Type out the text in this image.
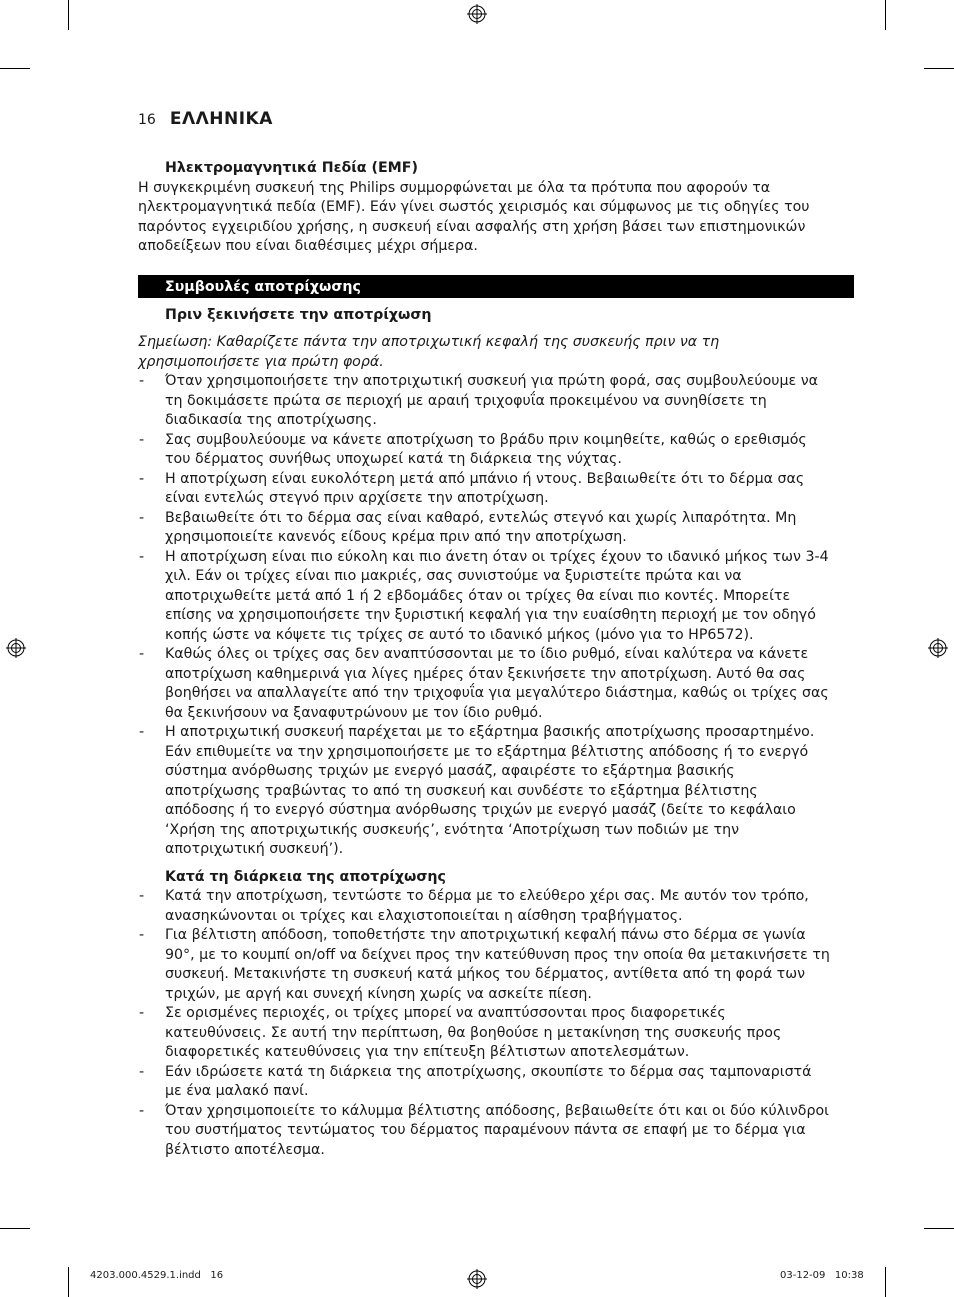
16 ΕΛΛΗΝΙΚΑ

Ηλεκτρομαγνητικά Πεδία (EMF)

Η συγκεκριμένη συσκευή της Philips συμμορφώνεται με όλα τα πρότυπα που αφορούν τα ηλεκτρομαγνητικά πεδία (EMF). Εάν γίνει σωστός χειρισμός και σύμφωνος με τις οδηγίες του παρόντος εγχειριδίου χρήσης, η συσκευή είναι ασφαλής στη χρήση βάσει των επιστημονικών αποδείξεων που είναι διαθέσιμες μέχρι σήμερα.

Συμβουλές αποτρίχωσης

Πριν ξεκινήσετε την αποτρίχωση

Σημείωση: Καθαρίζετε πάντα την αποτριχωτική κεφαλή της συσκευής πριν να τη χρησιμοποιήσετε για πρώτη φορά.

- Όταν χρησιμοποιήσετε την αποτριχωτική συσκευή για πρώτη φορά, σας συμβουλεύουμε να τη δοκιμάσετε πρώτα σε περιοχή με αραιή τριχοφυΐα προκειμένου να συνηθίσετε τη διαδικασία της αποτρίχωσης.
- Σας συμβουλεύουμε να κάνετε αποτρίχωση το βράδυ πριν κοιμηθείτε, καθώς ο ερεθισμός του δέρματος συνήθως υποχωρεί κατά τη διάρκεια της νύχτας.
- Η αποτρίχωση είναι ευκολότερη μετά από μπάνιο ή ντους. Βεβαιωθείτε ότι το δέρμα σας είναι εντελώς στεγνό πριν αρχίσετε την αποτρίχωση.
- Βεβαιωθείτε ότι το δέρμα σας είναι καθαρό, εντελώς στεγνό και χωρίς λιπαρότητα. Μη χρησιμοποιείτε κανενός είδους κρέμα πριν από την αποτρίχωση.
- Η αποτρίχωση είναι πιο εύκολη και πιο άνετη όταν οι τρίχες έχουν το ιδανικό μήκος των 3-4 χιλ. Εάν οι τρίχες είναι πιο μακριές, σας συνιστούμε να ξυριστείτε πρώτα και να αποτριχωθείτε μετά από 1 ή 2 εβδομάδες όταν οι τρίχες θα είναι πιο κοντές. Μπορείτε επίσης να χρησιμοποιήσετε την ξυριστική κεφαλή για την ευαίσθητη περιοχή με τον οδηγό κοπής ώστε να κόψετε τις τρίχες σε αυτό το ιδανικό μήκος (μόνο για το HP6572).
- Καθώς όλες οι τρίχες σας δεν αναπτύσσονται με το ίδιο ρυθμό, είναι καλύτερα να κάνετε αποτρίχωση καθημερινά για λίγες ημέρες όταν ξεκινήσετε την αποτρίχωση. Αυτό θα σας βοηθήσει να απαλλαγείτε από την τριχοφυΐα για μεγαλύτερο διάστημα, καθώς οι τρίχες σας θα ξεκινήσουν να ξαναφυτρώνουν με τον ίδιο ρυθμό.
- Η αποτριχωτική συσκευή παρέχεται με το εξάρτημα βασικής αποτρίχωσης προσαρτημένο. Εάν επιθυμείτε να την χρησιμοποιήσετε με το εξάρτημα βέλτιστης απόδοσης ή το ενεργό σύστημα ανόρθωσης τριχών με ενεργό μασάζ, αφαιρέστε το εξάρτημα βασικής αποτρίχωσης τραβώντας το από τη συσκευή και συνδέστε το εξάρτημα βέλτιστης απόδοσης ή το ενεργό σύστημα ανόρθωσης τριχών με ενεργό μασάζ (δείτε το κεφάλαιο ‘Χρήση της αποτριχωτικής συσκευής’, ενότητα ‘Αποτρίχωση των ποδιών με την αποτριχωτική συσκευή’).

Κατά τη διάρκεια της αποτρίχωσης

- Κατά την αποτρίχωση, τεντώστε το δέρμα με το ελεύθερο χέρι σας. Με αυτόν τον τρόπο, ανασηκώνονται οι τρίχες και ελαχιστοποιείται η αίσθηση τραβήγματος.
- Για βέλτιστη απόδοση, τοποθετήστε την αποτριχωτική κεφαλή πάνω στο δέρμα σε γωνία 90°, με το κουμπί on/off να δείχνει προς την κατεύθυνση προς την οποία θα μετακινήσετε τη συσκευή. Μετακινήστε τη συσκευή κατά μήκος του δέρματος, αντίθετα από τη φορά των τριχών, με αργή και συνεχή κίνηση χωρίς να ασκείτε πίεση.
- Σε ορισμένες περιοχές, οι τρίχες μπορεί να αναπτύσσονται προς διαφορετικές κατευθύνσεις. Σε αυτή την περίπτωση, θα βοηθούσε η μετακίνηση της συσκευής προς διαφορετικές κατευθύνσεις για την επίτευξη βέλτιστων αποτελεσμάτων.
- Εάν ιδρώσετε κατά τη διάρκεια της αποτρίχωσης, σκουπίστε το δέρμα σας ταμποναριστά με ένα μαλακό πανί.
- Όταν χρησιμοποιείτε το κάλυμμα βέλτιστης απόδοσης, βεβαιωθείτε ότι και οι δύο κύλινδροι του συστήματος τεντώματος του δέρματος παραμένουν πάντα σε επαφή με το δέρμα για βέλτιστο αποτέλεσμα.
4203.000.4529.1.indd   16	03-12-09   10:38
